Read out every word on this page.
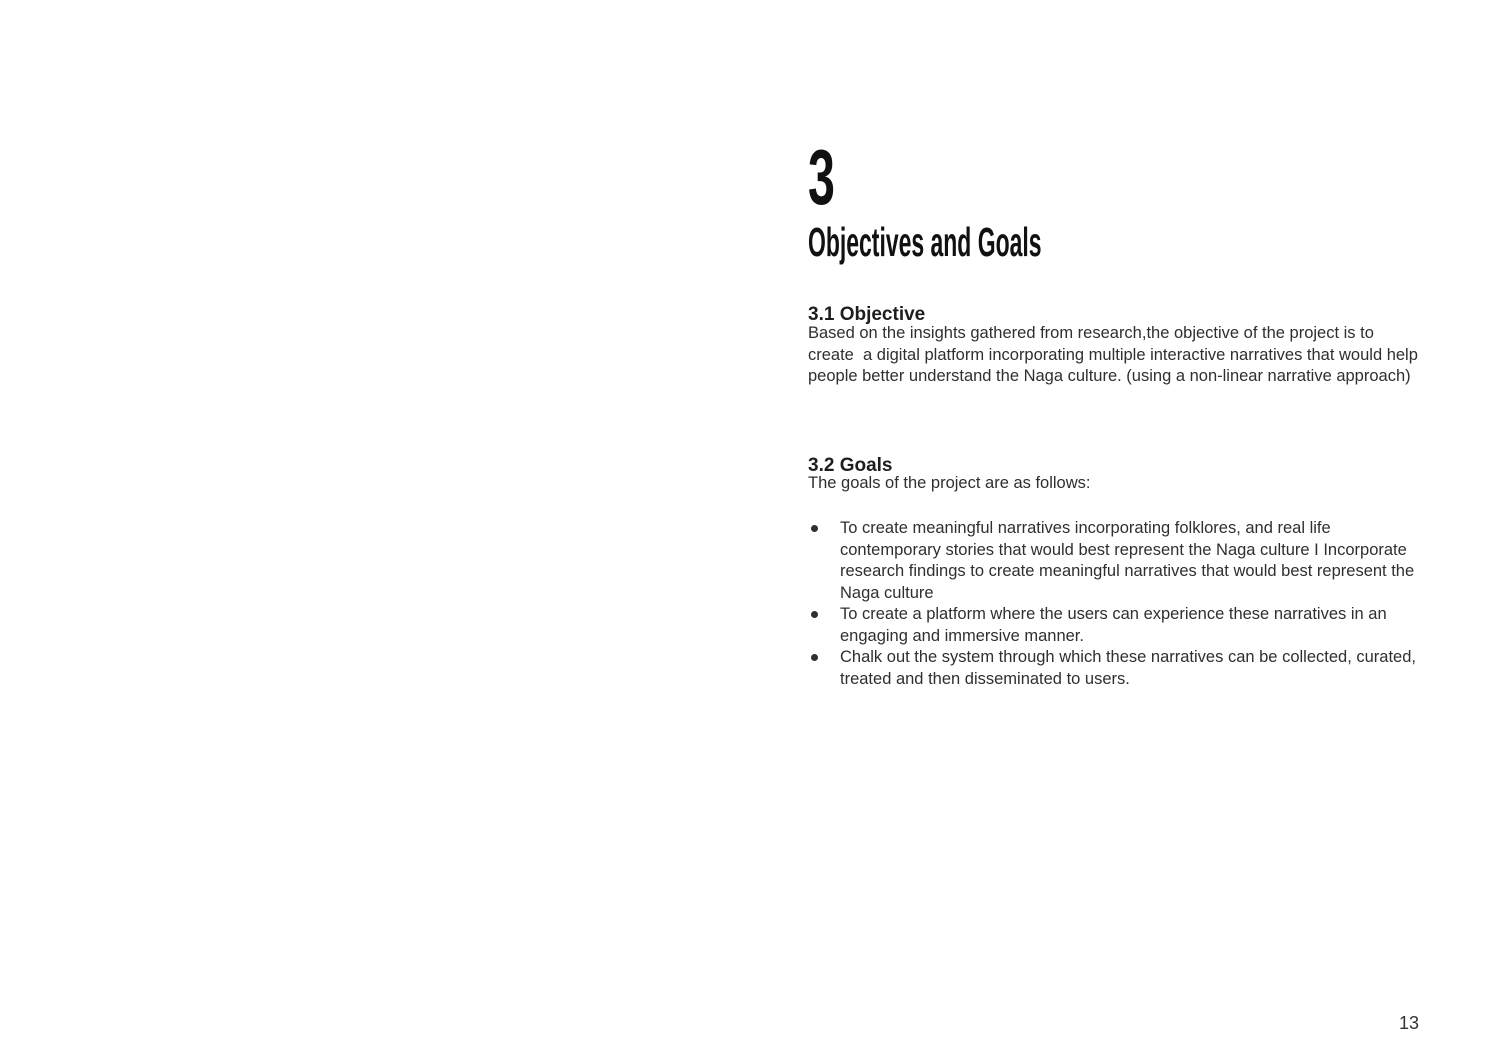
3
Objectives and Goals
3.1 Objective

Based on the insights gathered from research,the objective of the project is to create  a digital platform incorporating multiple interactive narratives that would help people better understand the Naga culture. (using a non-linear narrative approach)

3.2 Goals

The goals of the project are as follows:

To create meaningful narratives incorporating folklores, and real life contemporary stories that would best represent the Naga culture I Incorporate research findings to create meaningful narratives that would best represent the Naga culture
To create a platform where the users can experience these narratives in an engaging and immersive manner.
Chalk out the system through which these narratives can be collected, curated, treated and then disseminated to users.
13
